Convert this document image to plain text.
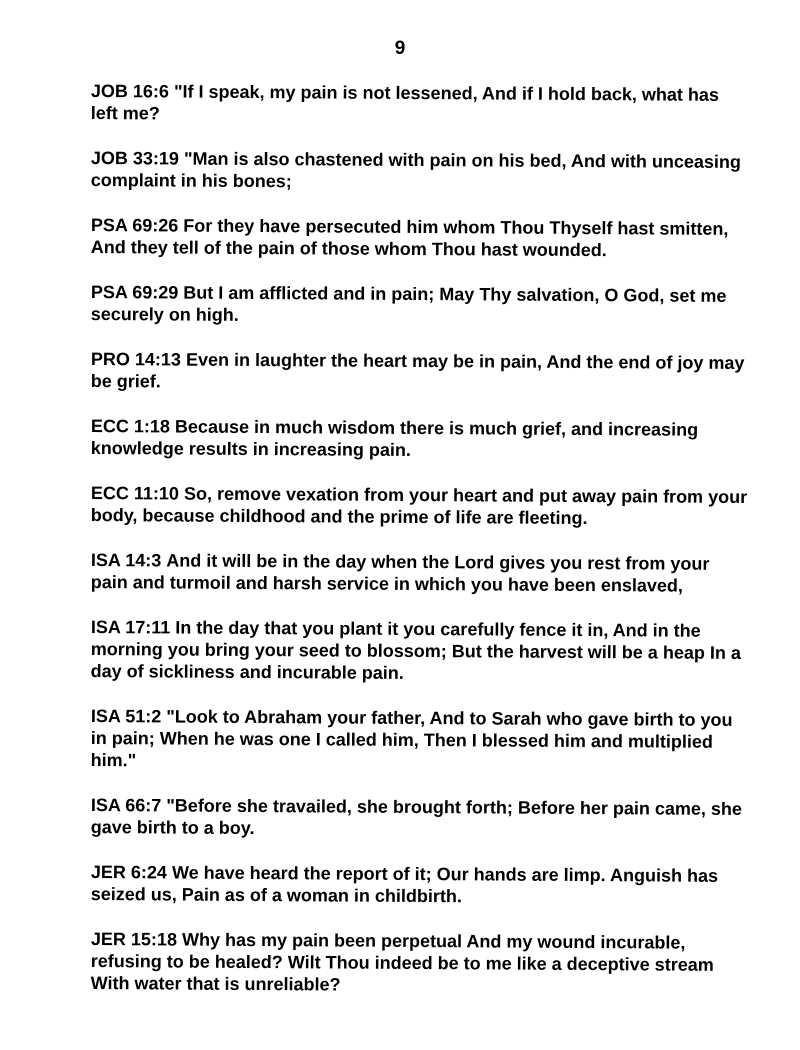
9

JOB 16:6 "If I speak, my pain is not lessened, And if I hold back, what has left me?

JOB 33:19 "Man is also chastened with pain on his bed, And with unceasing complaint in his bones;

PSA 69:26 For they have persecuted him whom Thou Thyself hast smitten, And they tell of the pain of those whom Thou hast wounded.

PSA 69:29 But I am afflicted and in pain; May Thy salvation, O God, set me securely on high.

PRO 14:13 Even in laughter the heart may be in pain, And the end of joy may be grief.

ECC 1:18 Because in much wisdom there is much grief, and increasing knowledge results in increasing pain.

ECC 11:10 So, remove vexation from your heart and put away pain from your body, because childhood and the prime of life are fleeting.

ISA 14:3 And it will be in the day when the Lord gives you rest from your pain and turmoil and harsh service in which you have been enslaved,

ISA 17:11 In the day that you plant it you carefully fence it in, And in the morning you bring your seed to blossom; But the harvest will be a heap In a day of sickliness and incurable pain.

ISA 51:2 "Look to Abraham your father, And to Sarah who gave birth to you in pain; When he was one I called him, Then I blessed him and multiplied him."

ISA 66:7 "Before she travailed, she brought forth; Before her pain came, she gave birth to a boy.

JER 6:24 We have heard the report of it; Our hands are limp. Anguish has seized us, Pain as of a woman in childbirth.

JER 15:18 Why has my pain been perpetual And my wound incurable, refusing to be healed? Wilt Thou indeed be to me like a deceptive stream With water that is unreliable?
